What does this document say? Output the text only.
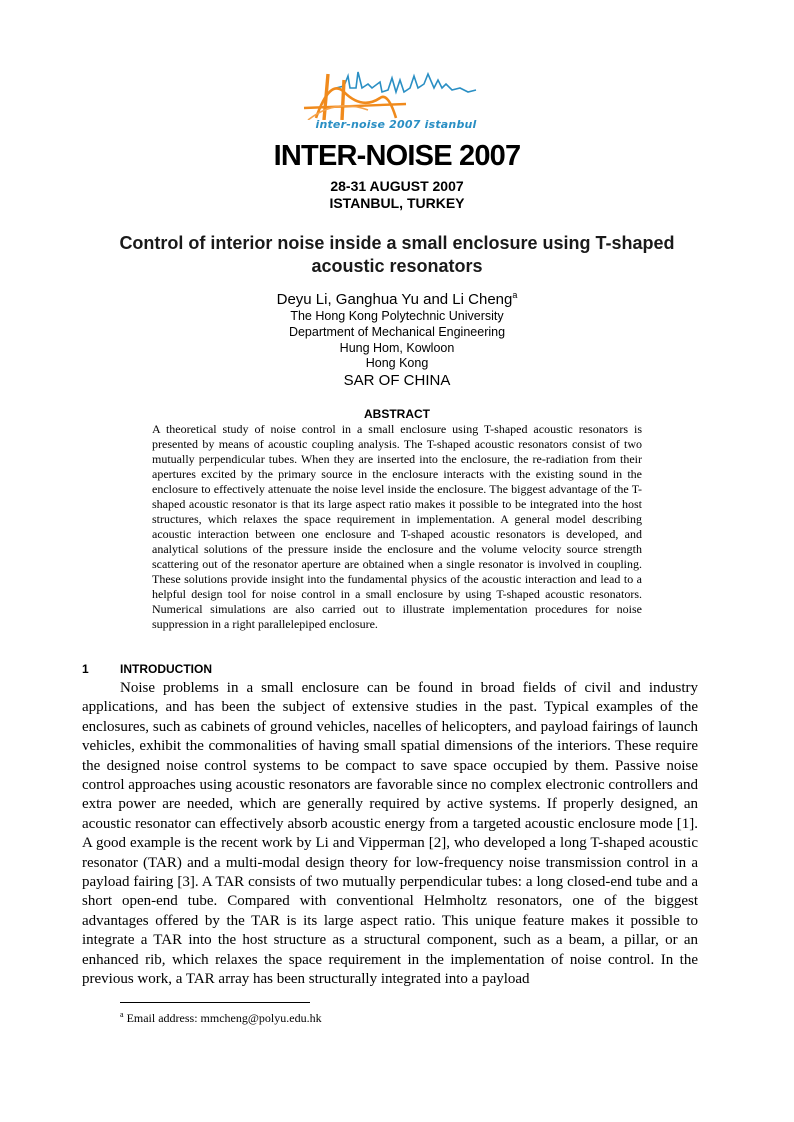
inter-noise 2007 istanbul
INTER-NOISE 2007
28-31 AUGUST 2007
ISTANBUL, TURKEY
Control of interior noise inside a small enclosure using T-shaped acoustic resonators
Deyu Li, Ganghua Yu and Li Cheng$^a$
The Hong Kong Polytechnic University
Department of Mechanical Engineering
Hung Hom, Kowloon
Hong Kong
SAR OF CHINA
ABSTRACT
A theoretical study of noise control in a small enclosure using T-shaped acoustic resonators is presented by means of acoustic coupling analysis. The T-shaped acoustic resonators consist of two mutually perpendicular tubes. When they are inserted into the enclosure, the re-radiation from their apertures excited by the primary source in the enclosure interacts with the existing sound in the enclosure to effectively attenuate the noise level inside the enclosure. The biggest advantage of the T-shaped acoustic resonator is that its large aspect ratio makes it possible to be integrated into the host structures, which relaxes the space requirement in implementation. A general model describing acoustic interaction between one enclosure and T-shaped acoustic resonators is developed, and analytical solutions of the pressure inside the enclosure and the volume velocity source strength scattering out of the resonator aperture are obtained when a single resonator is involved in coupling. These solutions provide insight into the fundamental physics of the acoustic interaction and lead to a helpful design tool for noise control in a small enclosure by using T-shaped acoustic resonators. Numerical simulations are also carried out to illustrate implementation procedures for noise suppression in a right parallelepiped enclosure.
1	INTRODUCTION

Noise problems in a small enclosure can be found in broad fields of civil and industry applications, and has been the subject of extensive studies in the past. Typical examples of the enclosures, such as cabinets of ground vehicles, nacelles of helicopters, and payload fairings of launch vehicles, exhibit the commonalities of having small spatial dimensions of the interiors. These require the designed noise control systems to be compact to save space occupied by them. Passive noise control approaches using acoustic resonators are favorable since no complex electronic controllers and extra power are needed, which are generally required by active systems. If properly designed, an acoustic resonator can effectively absorb acoustic energy from a targeted acoustic enclosure mode [1]. A good example is the recent work by Li and Vipperman [2], who developed a long T-shaped acoustic resonator (TAR) and a multi-modal design theory for low-frequency noise transmission control in a payload fairing [3]. A TAR consists of two mutually perpendicular tubes: a long closed-end tube and a short open-end tube. Compared with conventional Helmholtz resonators, one of the biggest advantages offered by the TAR is its large aspect ratio. This unique feature makes it possible to integrate a TAR into the host structure as a structural component, such as a beam, a pillar, or an enhanced rib, which relaxes the space requirement in the implementation of noise control. In the previous work, a TAR array has been structurally integrated into a payload

$^a$ Email address: mmcheng@polyu.edu.hk
